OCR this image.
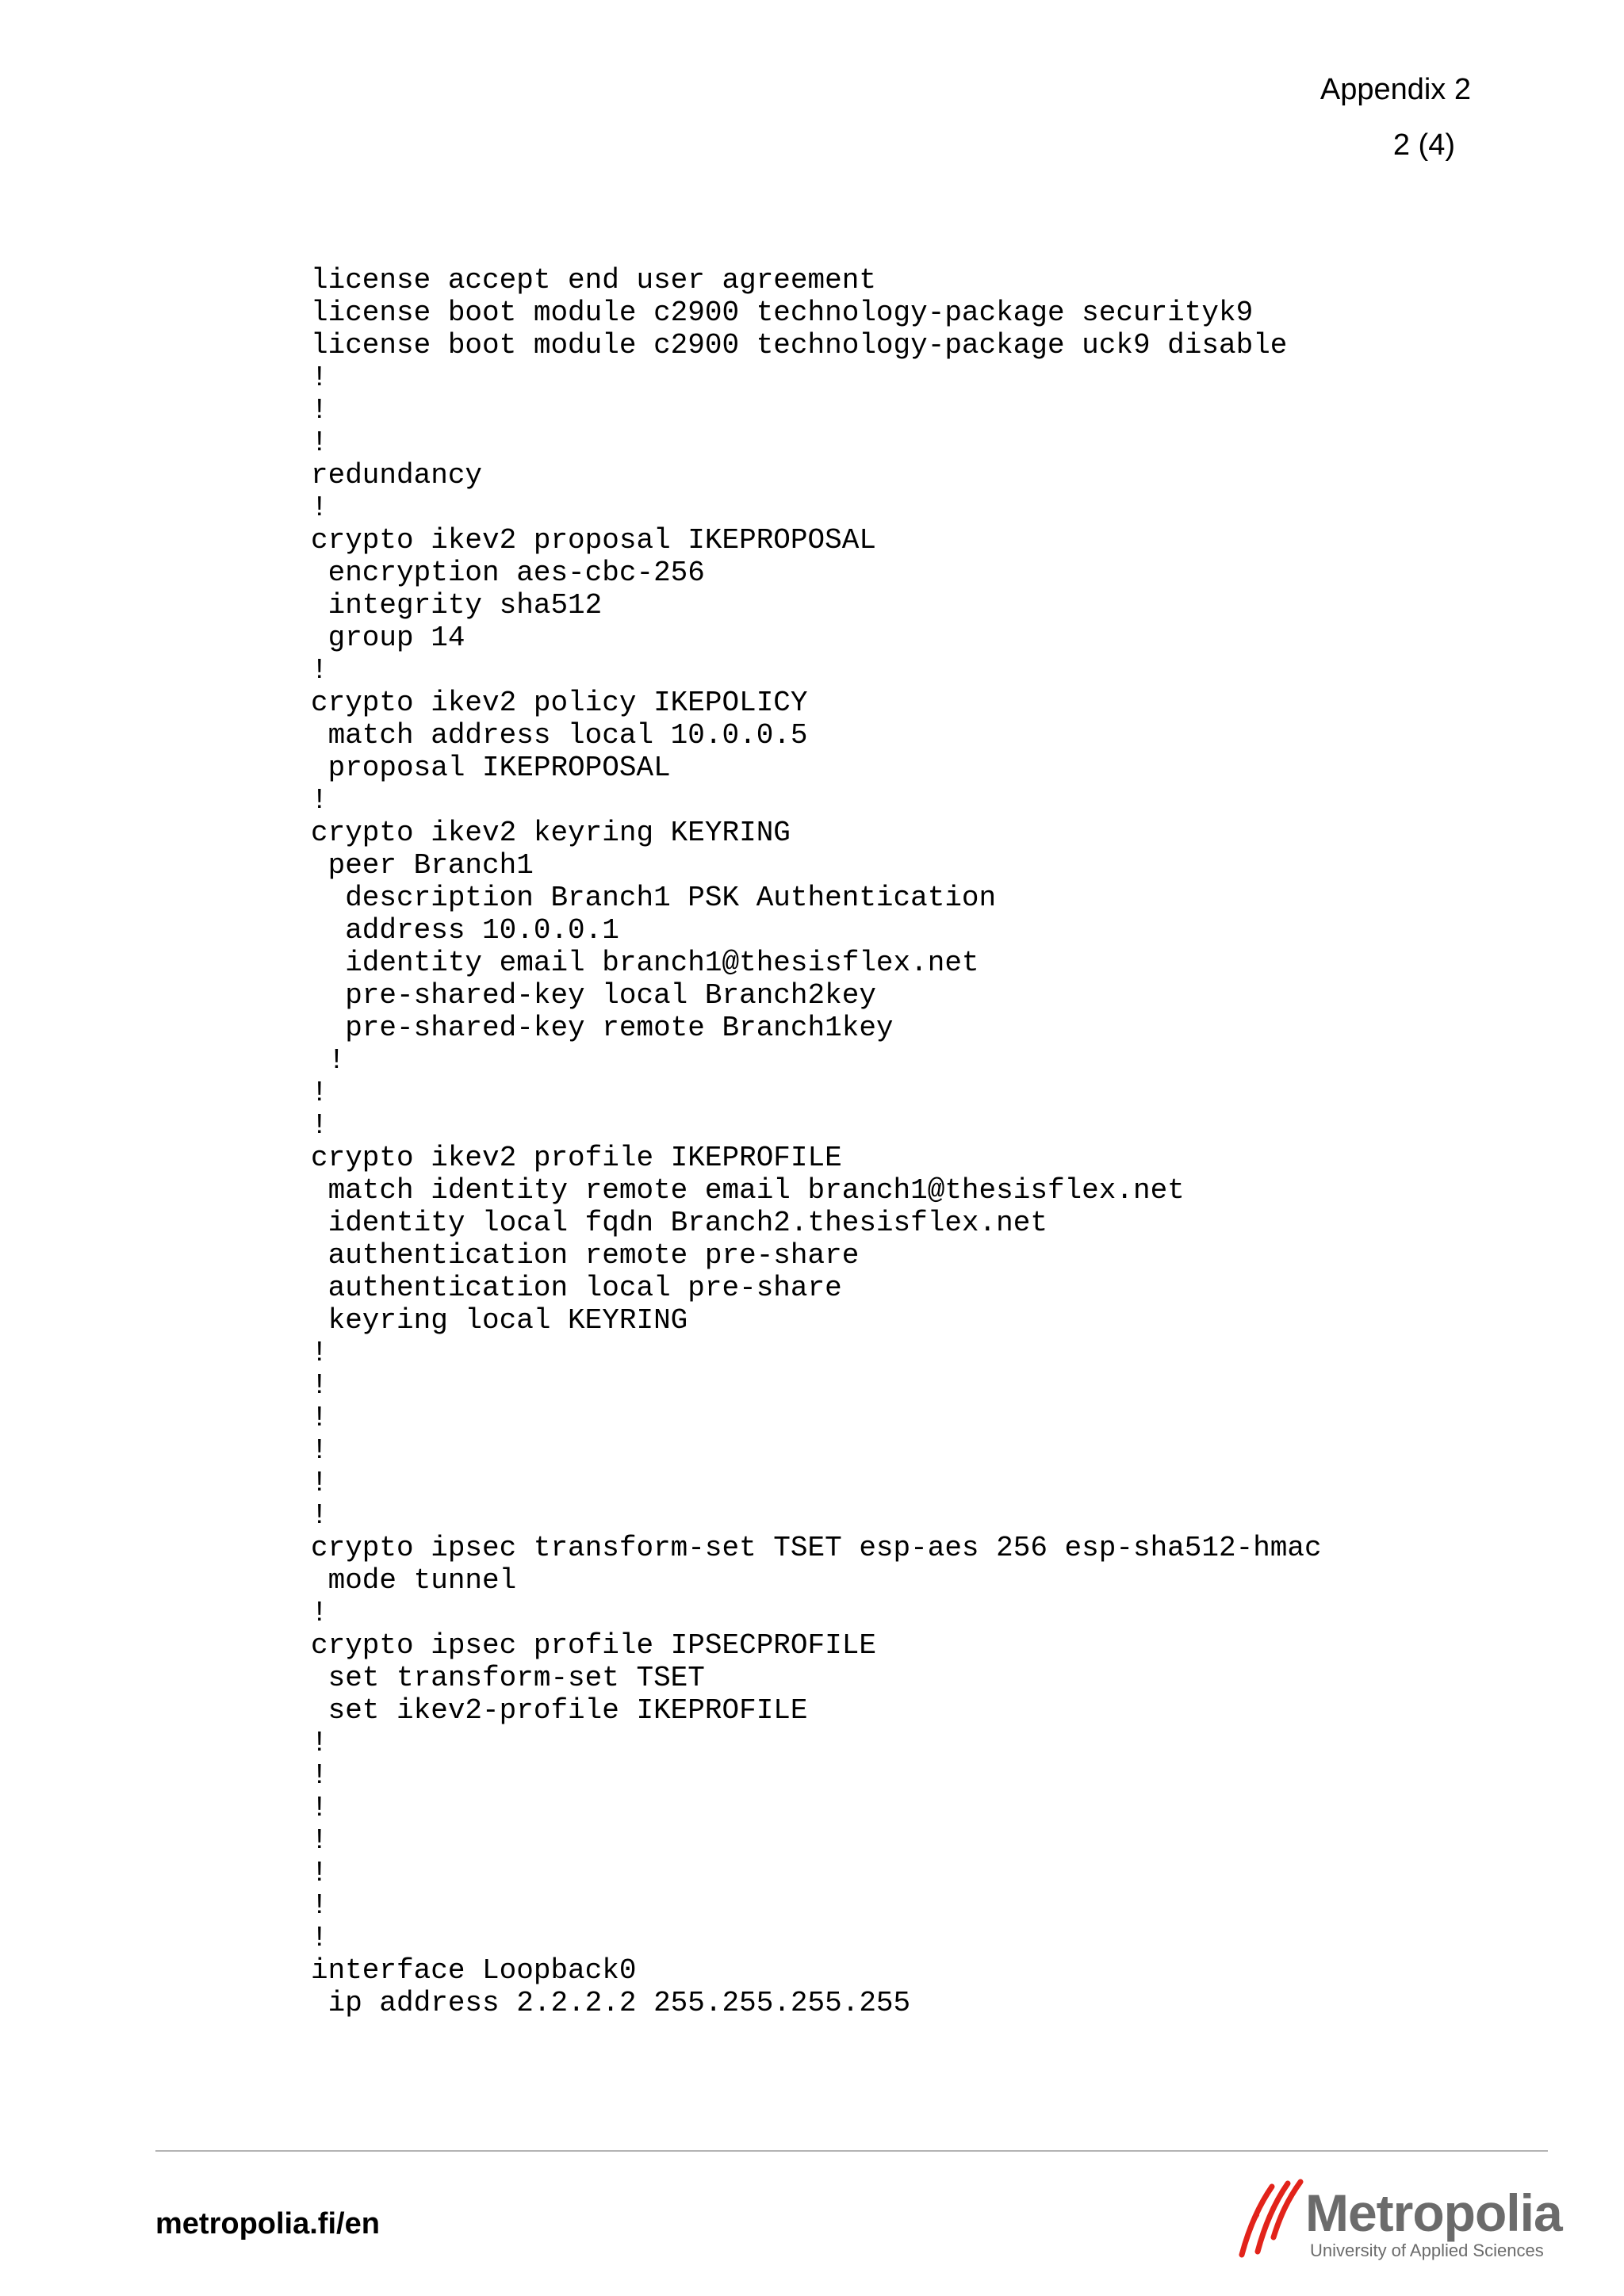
Appendix 2
2 (4)
license accept end user agreement
license boot module c2900 technology-package securityk9
license boot module c2900 technology-package uck9 disable
!
!
!
redundancy
!
crypto ikev2 proposal IKEPROPOSAL
encryption aes-cbc-256
integrity sha512
group 14
!
crypto ikev2 policy IKEPOLICY
match address local 10.0.0.5
proposal IKEPROPOSAL
!
crypto ikev2 keyring KEYRING
peer Branch1
description Branch1 PSK Authentication
address 10.0.0.1
identity email branch1@thesisflex.net
pre-shared-key local Branch2key
pre-shared-key remote Branch1key
!
!
!
crypto ikev2 profile IKEPROFILE
match identity remote email branch1@thesisflex.net
identity local fqdn Branch2.thesisflex.net
authentication remote pre-share
authentication local pre-share
keyring local KEYRING
!
!
!
!
!
!
crypto ipsec transform-set TSET esp-aes 256 esp-sha512-hmac
mode tunnel
!
crypto ipsec profile IPSECPROFILE
set transform-set TSET
set ikev2-profile IKEPROFILE
!
!
!
!
!
!
!
interface Loopback0
ip address 2.2.2.2 255.255.255.255
metropolia.fi/en	Metropolia
University of Applied Sciences
